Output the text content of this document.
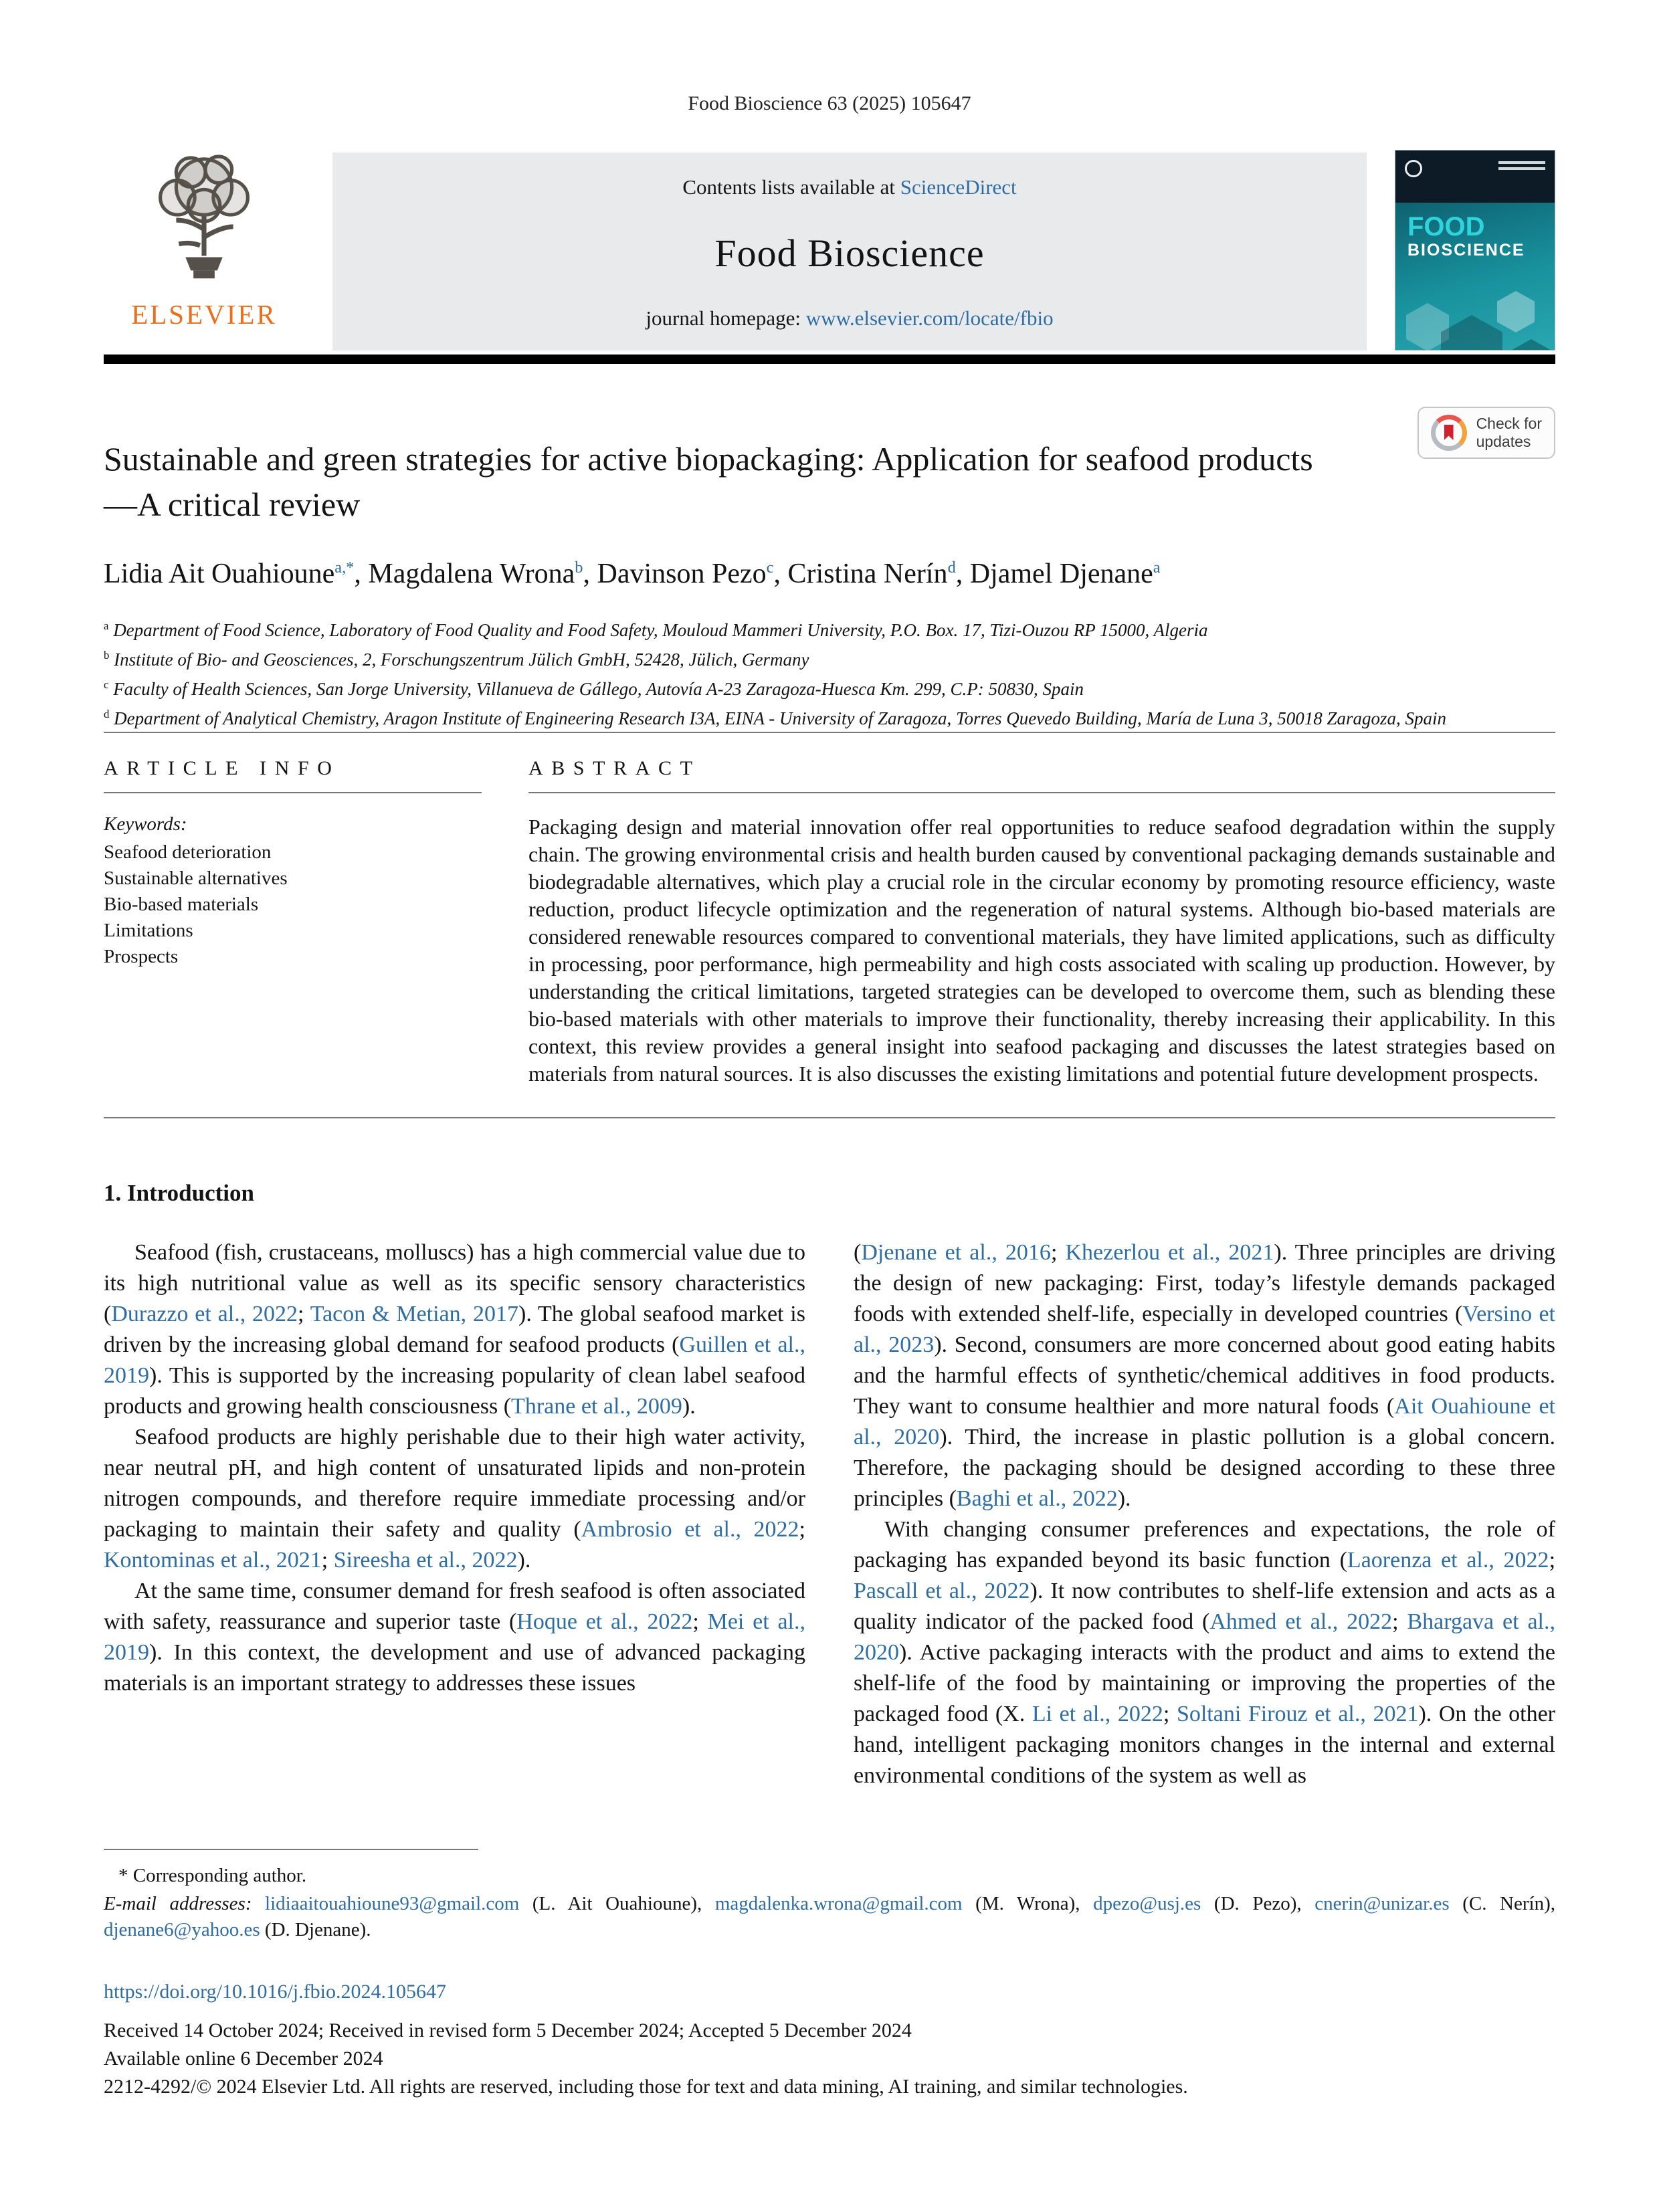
Food Bioscience 63 (2025) 105647
ELSEVIER
Contents lists available at ScienceDirect
Food Bioscience
journal homepage: www.elsevier.com/locate/fbio
FOOD
BIOSCIENCE
Check for
updates
Sustainable and green strategies for active biopackaging: Application for seafood products—A critical review
Lidia Ait Ouahioune$^{a,*}$, Magdalena Wrona$^b$, Davinson Pezo$^c$, Cristina Nerín$^d$, Djamel Djenane$^a$
$^a$ Department of Food Science, Laboratory of Food Quality and Food Safety, Mouloud Mammeri University, P.O. Box. 17, Tizi-Ouzou RP 15000, Algeria
$^b$ Institute of Bio- and Geosciences, 2, Forschungszentrum Jülich GmbH, 52428, Jülich, Germany
$^c$ Faculty of Health Sciences, San Jorge University, Villanueva de Gállego, Autovía A-23 Zaragoza-Huesca Km. 299, C.P: 50830, Spain
$^d$ Department of Analytical Chemistry, Aragon Institute of Engineering Research I3A, EINA - University of Zaragoza, Torres Quevedo Building, María de Luna 3, 50018 Zaragoza, Spain
ARTICLE INFO
Keywords:
Seafood deterioration
Sustainable alternatives
Bio-based materials
Limitations
Prospects
ABSTRACT
Packaging design and material innovation offer real opportunities to reduce seafood degradation within the supply chain. The growing environmental crisis and health burden caused by conventional packaging demands sustainable and biodegradable alternatives, which play a crucial role in the circular economy by promoting resource efficiency, waste reduction, product lifecycle optimization and the regeneration of natural systems. Although bio-based materials are considered renewable resources compared to conventional materials, they have limited applications, such as difficulty in processing, poor performance, high permeability and high costs associated with scaling up production. However, by understanding the critical limitations, targeted strategies can be developed to overcome them, such as blending these bio-based materials with other materials to improve their functionality, thereby increasing their applicability. In this context, this review provides a general insight into seafood packaging and discusses the latest strategies based on materials from natural sources. It is also discusses the existing limitations and potential future development prospects.
1. Introduction

Seafood (fish, crustaceans, molluscs) has a high commercial value due to its high nutritional value as well as its specific sensory characteristics (Durazzo et al., 2022; Tacon & Metian, 2017). The global seafood market is driven by the increasing global demand for seafood products (Guillen et al., 2019). This is supported by the increasing popularity of clean label seafood products and growing health consciousness (Thrane et al., 2009).

Seafood products are highly perishable due to their high water activity, near neutral pH, and high content of unsaturated lipids and non-protein nitrogen compounds, and therefore require immediate processing and/or packaging to maintain their safety and quality (Ambrosio et al., 2022; Kontominas et al., 2021; Sireesha et al., 2022).

At the same time, consumer demand for fresh seafood is often associated with safety, reassurance and superior taste (Hoque et al., 2022; Mei et al., 2019). In this context, the development and use of advanced packaging materials is an important strategy to addresses these issues

(Djenane et al., 2016; Khezerlou et al., 2021). Three principles are driving the design of new packaging: First, today’s lifestyle demands packaged foods with extended shelf-life, especially in developed countries (Versino et al., 2023). Second, consumers are more concerned about good eating habits and the harmful effects of synthetic/chemical additives in food products. They want to consume healthier and more natural foods (Ait Ouahioune et al., 2020). Third, the increase in plastic pollution is a global concern. Therefore, the packaging should be designed according to these three principles (Baghi et al., 2022).

With changing consumer preferences and expectations, the role of packaging has expanded beyond its basic function (Laorenza et al., 2022; Pascall et al., 2022). It now contributes to shelf-life extension and acts as a quality indicator of the packed food (Ahmed et al., 2022; Bhargava et al., 2020). Active packaging interacts with the product and aims to extend the shelf-life of the food by maintaining or improving the properties of the packaged food (X. Li et al., 2022; Soltani Firouz et al., 2021). On the other hand, intelligent packaging monitors changes in the internal and external environmental conditions of the system as well as

* Corresponding author.
E-mail addresses: lidiaaitouahioune93@gmail.com (L. Ait Ouahioune), magdalenka.wrona@gmail.com (M. Wrona), dpezo@usj.es (D. Pezo), cnerin@unizar.es (C. Nerín), djenane6@yahoo.es (D. Djenane).
https://doi.org/10.1016/j.fbio.2024.105647
Received 14 October 2024; Received in revised form 5 December 2024; Accepted 5 December 2024
Available online 6 December 2024
2212-4292/© 2024 Elsevier Ltd. All rights are reserved, including those for text and data mining, AI training, and similar technologies.
